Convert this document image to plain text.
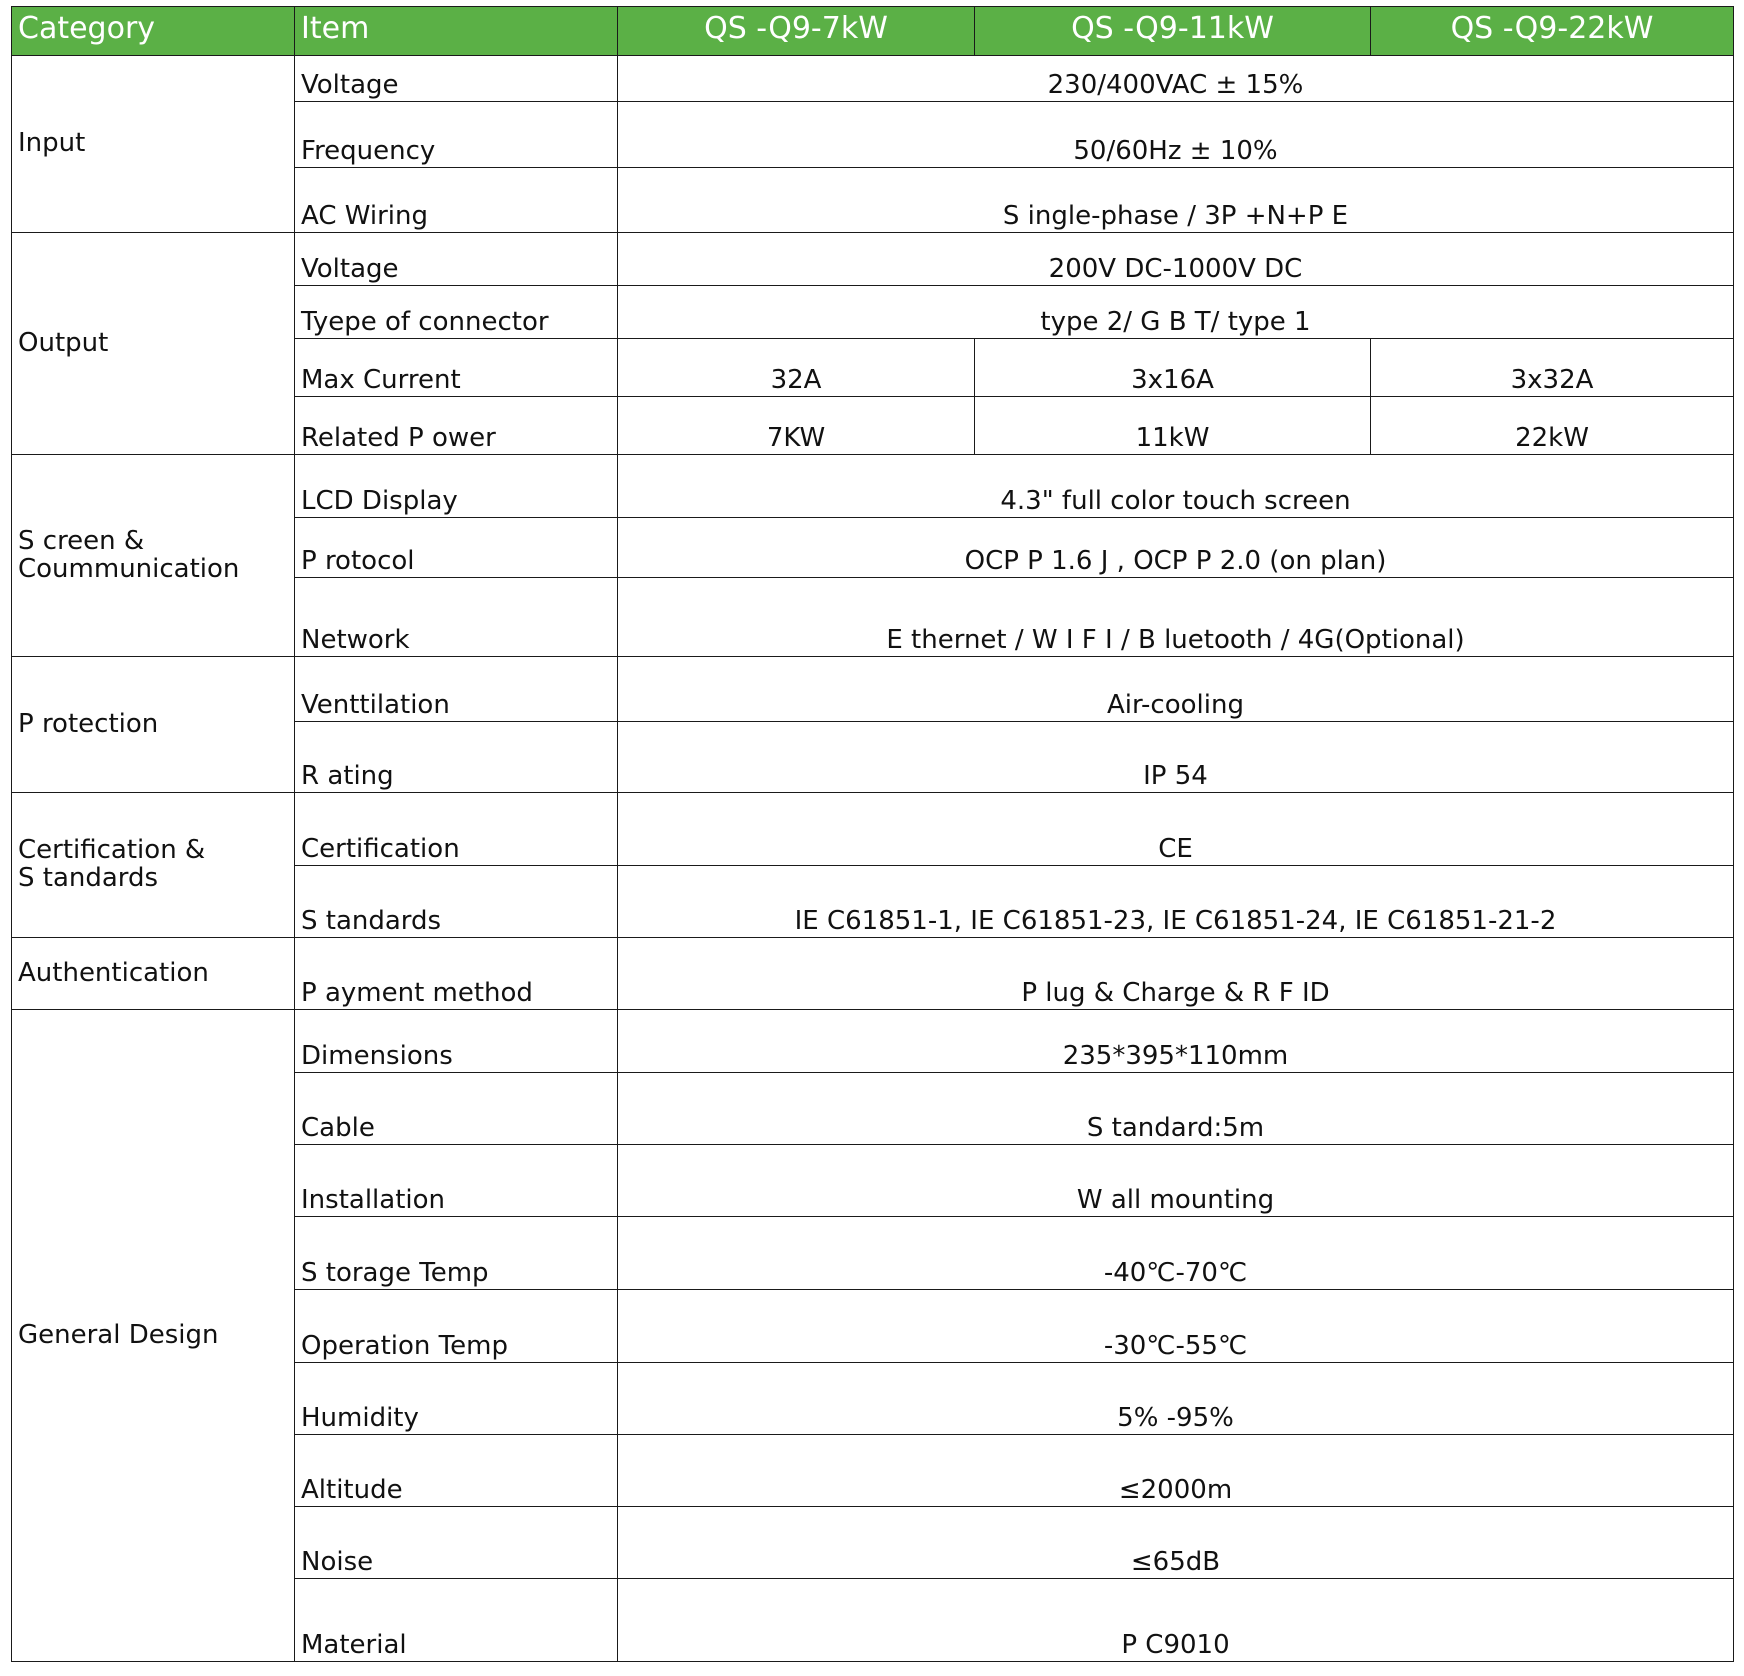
Category	Item	QS -Q9-7kW	QS -Q9-11kW	QS -Q9-22kW
Input	Voltage	230/400VAC ± 15%		
	Frequency	50/60Hz ± 10%		
	AC Wiring	S ingle-phase / 3P +N+P E		
Output	Voltage	200V DC-1000V DC		
	Tyepe of connector	type 2/ G B T/ type 1		
	Max Current	32A	3x16A	3x32A
	Related P ower	7KW	11kW	22kW

S creen &
Coummunication	LCD Display	4.3" full color touch screen		
	P rotocol	OCP P 1.6 J , OCP P 2.0 (on plan)		
	Network	E thernet / W I F I / B luetooth / 4G(Optional)		
P rotection	Venttilation	Air-cooling		
	R ating	IP 54		

Certification &
S tandards	Certification	CE		
	S tandards	IE C61851-1, IE C61851-23, IE C61851-24, IE C61851-21-2		
Authentication	P ayment method	P lug & Charge & R F ID		
General Design	Dimensions	235*395*110mm		
	Cable	S tandard:5m		
	Installation	W all mounting		
	S torage Temp	-40℃-70℃		
	Operation Temp	-30℃-55℃		
	Humidity	5% -95%		
	Altitude	≤2000m		
	Noise	≤65dB		
	Material	P C9010		
